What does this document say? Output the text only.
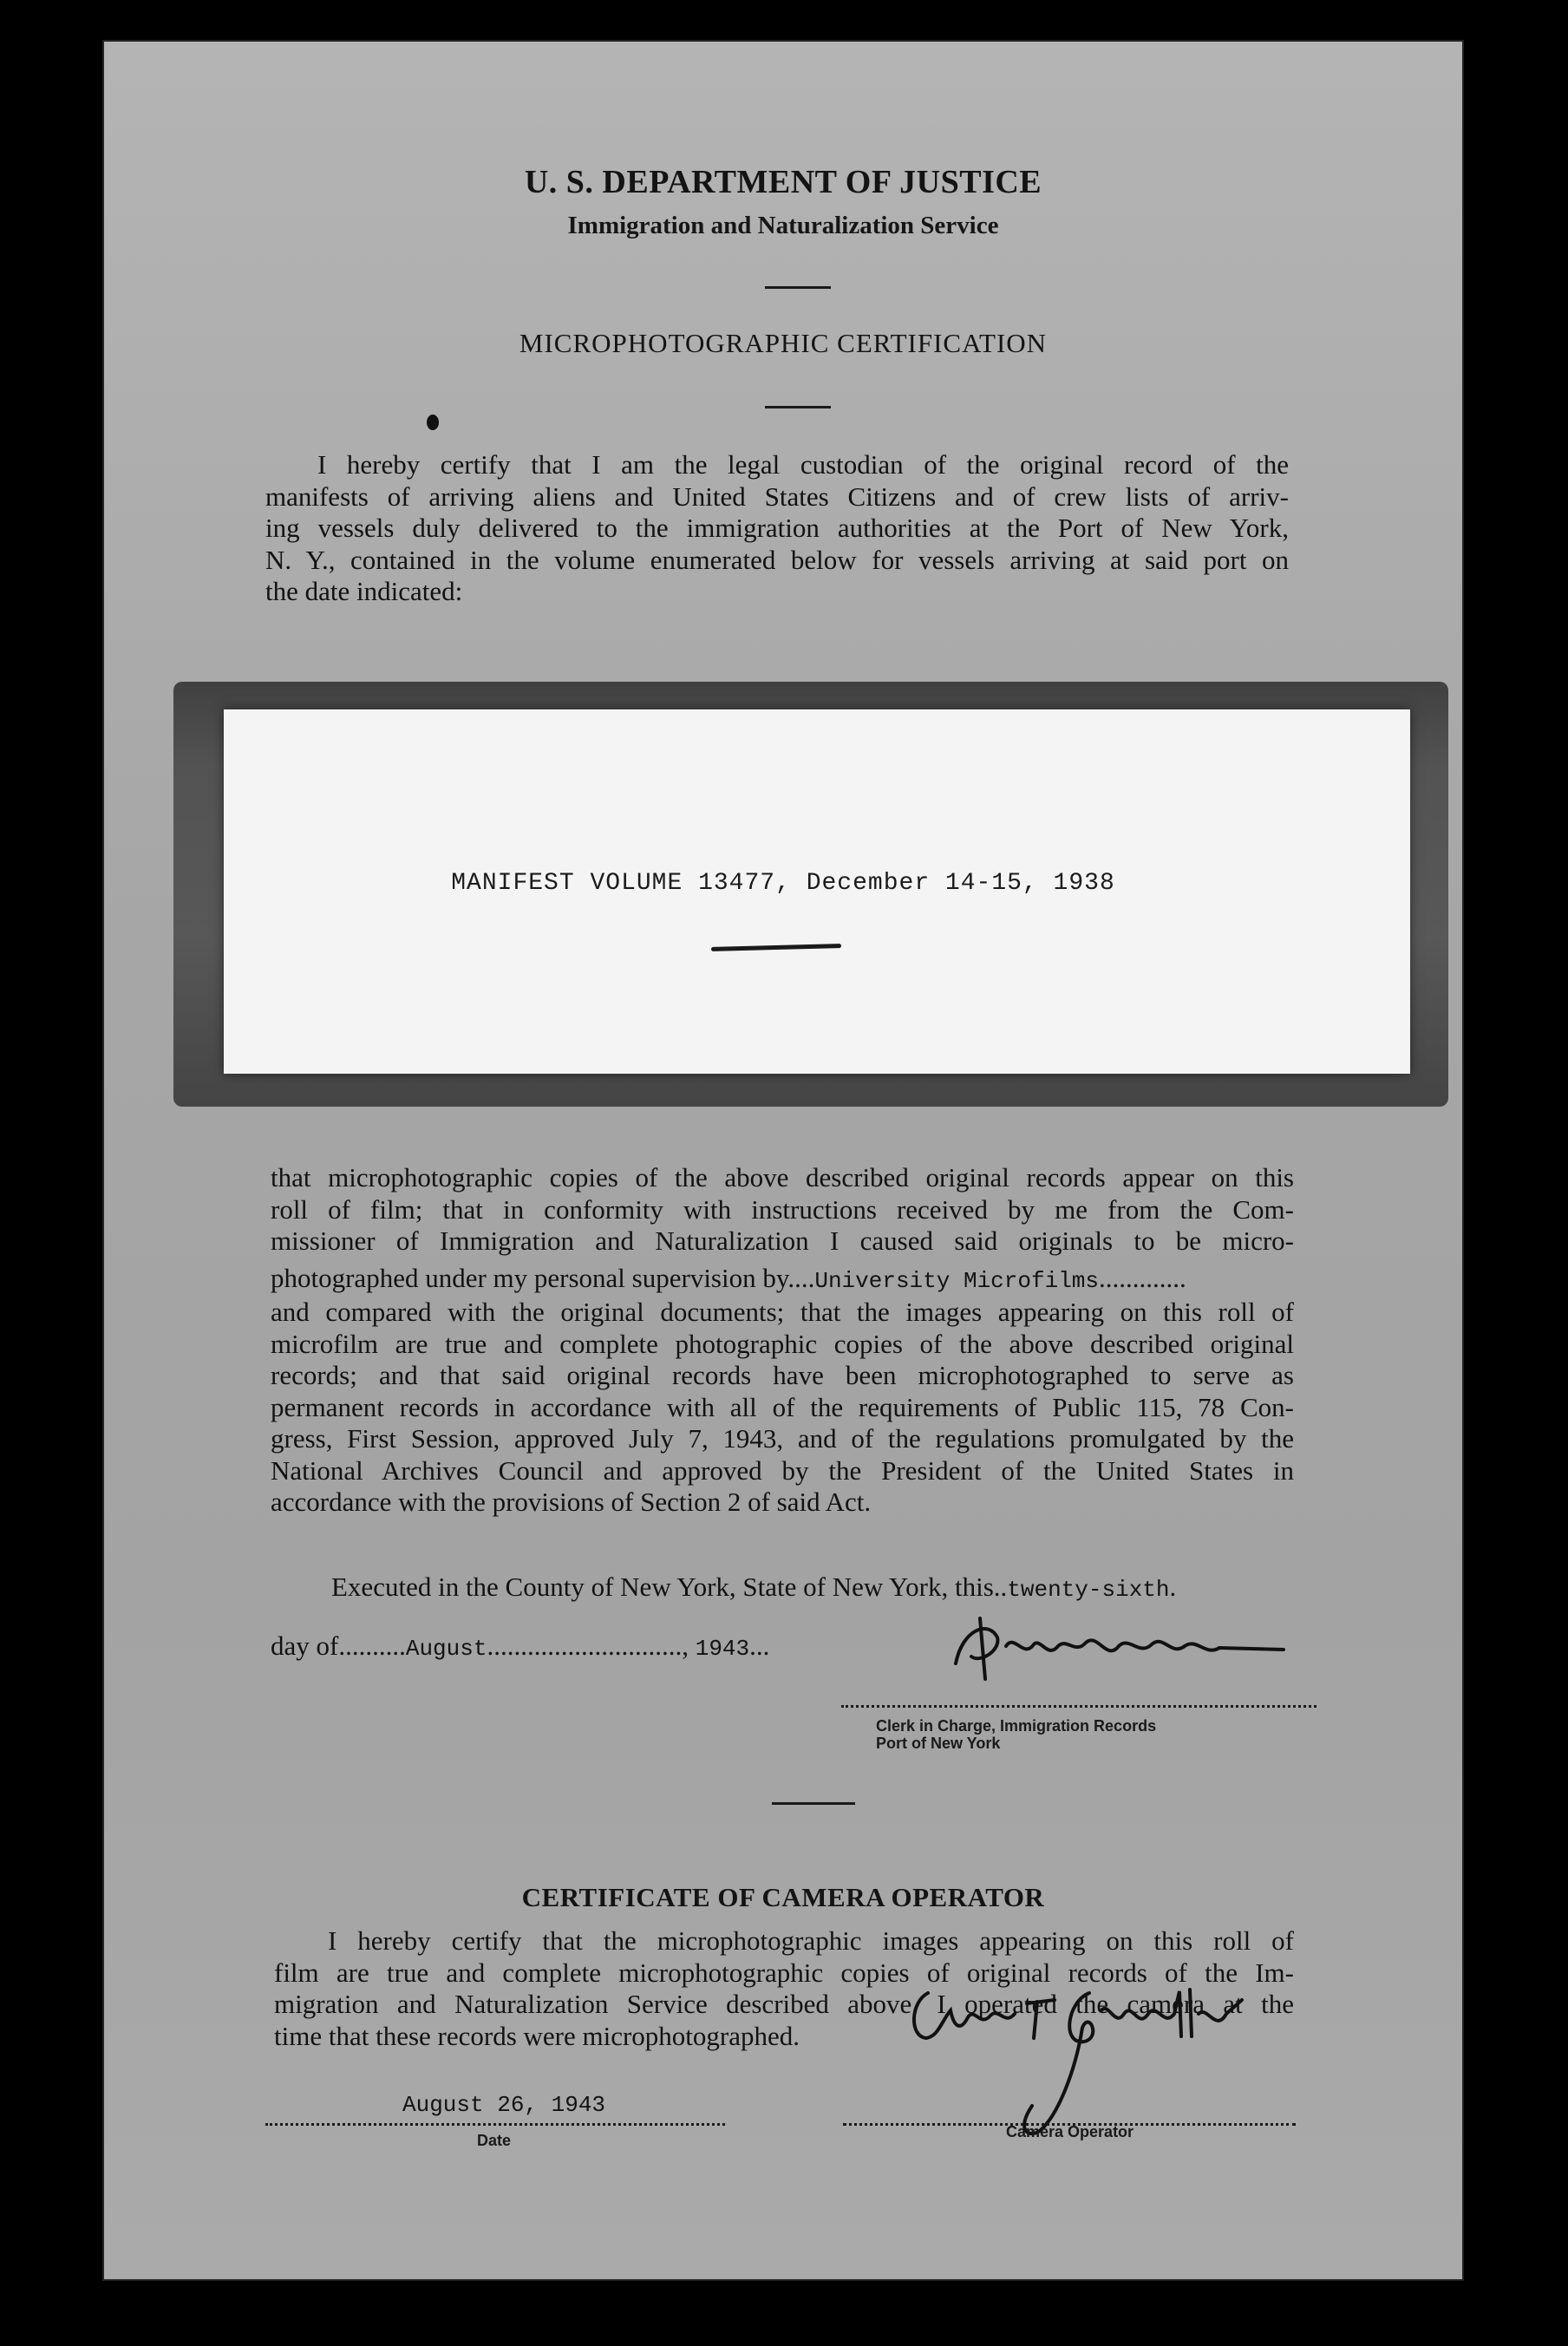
U. S. DEPARTMENT OF JUSTICE
Immigration and Naturalization Service
MICROPHOTOGRAPHIC CERTIFICATION
I hereby certify that I am the legal custodian of the original record of the
manifests of arriving aliens and United States Citizens and of crew lists of arriv-
ing vessels duly delivered to the immigration authorities at the Port of New York,
N. Y., contained in the volume enumerated below for vessels arriving at said port on
the date indicated:
MANIFEST VOLUME 13477, December 14-15, 1938
that microphotographic copies of the above described original records appear on this
roll of film; that in conformity with instructions received by me from the Com-
missioner of Immigration and Naturalization I caused said originals to be micro-
photographed under my personal supervision by....University Microfilms.............
and compared with the original documents; that the images appearing on this roll of
microfilm are true and complete photographic copies of the above described original
records; and that said original records have been microphotographed to serve as
permanent records in accordance with all of the requirements of Public 115, 78 Con-
gress, First Session, approved July 7, 1943, and of the regulations promulgated by the
National Archives Council and approved by the President of the United States in
accordance with the provisions of Section 2 of said Act.
Executed in the County of New York, State of New York, this..twenty-sixth.
day of..........August............................., 1943...
Clerk in Charge, Immigration Records
Port of New York
CERTIFICATE OF CAMERA OPERATOR
I hereby certify that the microphotographic images appearing on this roll of
film are true and complete microphotographic copies of original records of the Im-
migration and Naturalization Service described above. I operated the camera at the
time that these records were microphotographed.
August 26, 1943
Date	Camera Operator
